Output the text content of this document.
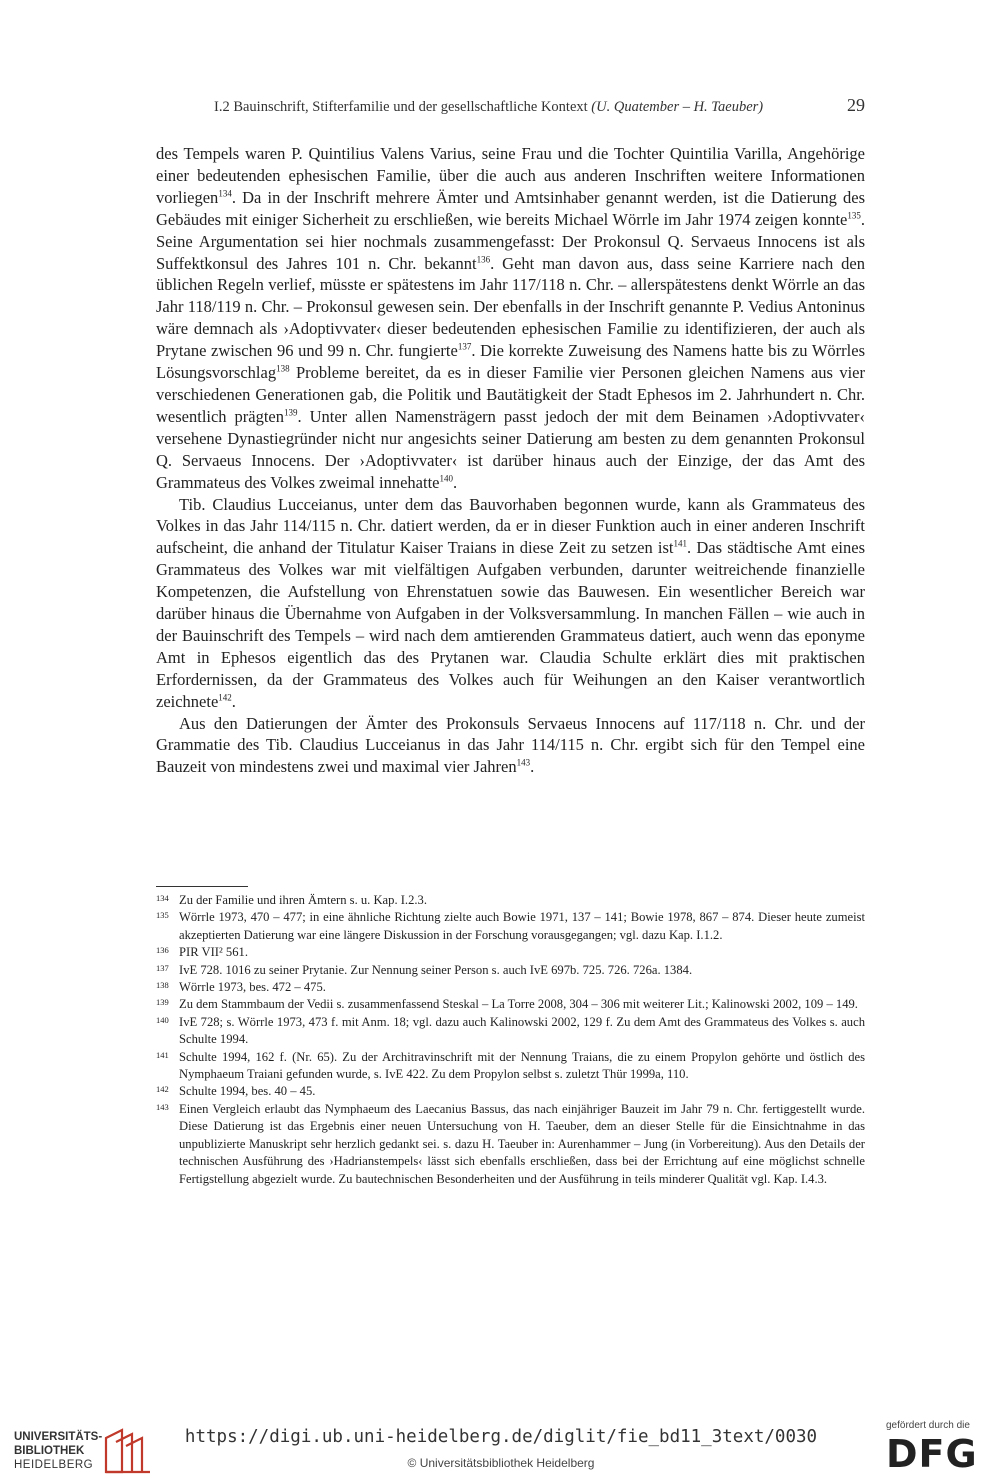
I.2 Bauinschrift, Stifterfamilie und der gesellschaftliche Kontext (U. Quatember – H. Taeuber)	29

des Tempels waren P. Quintilius Valens Varius, seine Frau und die Tochter Quintilia Varilla, Angehörige einer bedeutenden ephesischen Familie, über die auch aus anderen Inschriften weitere Informationen vorliegen$^{134}$. Da in der Inschrift mehrere Ämter und Amtsinhaber genannt werden, ist die Datierung des Gebäudes mit einiger Sicherheit zu erschließen, wie bereits Michael Wörrle im Jahr 1974 zeigen konnte$^{135}$. Seine Argumentation sei hier nochmals zusammengefasst: Der Prokonsul Q. Servaeus Innocens ist als Suffektkonsul des Jahres 101 n. Chr. bekannt$^{136}$. Geht man davon aus, dass seine Karriere nach den üblichen Regeln verlief, müsste er spätestens im Jahr 117/118 n. Chr. – allerspätestens denkt Wörrle an das Jahr 118/119 n. Chr. – Prokonsul gewesen sein. Der ebenfalls in der Inschrift genannte P. Vedius Antoninus wäre demnach als ›Adoptivvater‹ dieser bedeutenden ephesischen Familie zu identifizieren, der auch als Prytane zwischen 96 und 99 n. Chr. fungierte$^{137}$. Die korrekte Zuweisung des Namens hatte bis zu Wörrles Lösungsvorschlag$^{138}$ Probleme bereitet, da es in dieser Familie vier Personen gleichen Namens aus vier verschiedenen Generationen gab, die Politik und Bautätigkeit der Stadt Ephesos im 2. Jahrhundert n. Chr. wesentlich prägten$^{139}$. Unter allen Namensträgern passt jedoch der mit dem Beinamen ›Adoptivvater‹ versehene Dynastiegründer nicht nur angesichts seiner Datierung am besten zu dem genannten Prokonsul Q. Servaeus Innocens. Der ›Adoptivvater‹ ist darüber hinaus auch der Einzige, der das Amt des Grammateus des Volkes zweimal innehatte$^{140}$.

Tib. Claudius Lucceianus, unter dem das Bauvorhaben begonnen wurde, kann als Grammateus des Volkes in das Jahr 114/115 n. Chr. datiert werden, da er in dieser Funktion auch in einer anderen Inschrift aufscheint, die anhand der Titulatur Kaiser Traians in diese Zeit zu setzen ist$^{141}$. Das städtische Amt eines Grammateus des Volkes war mit vielfältigen Aufgaben verbunden, darunter weitreichende finanzielle Kompetenzen, die Aufstellung von Ehrenstatuen sowie das Bauwesen. Ein wesentlicher Bereich war darüber hinaus die Übernahme von Aufgaben in der Volksversammlung. In manchen Fällen – wie auch in der Bauinschrift des Tempels – wird nach dem amtierenden Grammateus datiert, auch wenn das eponyme Amt in Ephesos eigentlich das des Prytanen war. Claudia Schulte erklärt dies mit praktischen Erfordernissen, da der Grammateus des Volkes auch für Weihungen an den Kaiser verantwortlich zeichnete$^{142}$.

Aus den Datierungen der Ämter des Prokonsuls Servaeus Innocens auf 117/118 n. Chr. und der Grammatie des Tib. Claudius Lucceianus in das Jahr 114/115 n. Chr. ergibt sich für den Tempel eine Bauzeit von mindestens zwei und maximal vier Jahren$^{143}$.

134 Zu der Familie und ihren Ämtern s. u. Kap. I.2.3.
135 Wörrle 1973, 470 – 477; in eine ähnliche Richtung zielte auch Bowie 1971, 137 – 141; Bowie 1978, 867 – 874. Dieser heute zumeist akzeptierten Datierung war eine längere Diskussion in der Forschung vorausgegangen; vgl. dazu Kap. I.1.2.
136 PIR VII² 561.
137 IvE 728. 1016 zu seiner Prytanie. Zur Nennung seiner Person s. auch IvE 697b. 725. 726. 726a. 1384.
138 Wörrle 1973, bes. 472 – 475.
139 Zu dem Stammbaum der Vedii s. zusammenfassend Steskal – La Torre 2008, 304 – 306 mit weiterer Lit.; Kalinowski 2002, 109 – 149.
140 IvE 728; s. Wörrle 1973, 473 f. mit Anm. 18; vgl. dazu auch Kalinowski 2002, 129 f. Zu dem Amt des Grammateus des Volkes s. auch Schulte 1994.
141 Schulte 1994, 162 f. (Nr. 65). Zu der Architravinschrift mit der Nennung Traians, die zu einem Propylon gehörte und östlich des Nymphaeum Traiani gefunden wurde, s. IvE 422. Zu dem Propylon selbst s. zuletzt Thür 1999a, 110.
142 Schulte 1994, bes. 40 – 45.
143 Einen Vergleich erlaubt das Nymphaeum des Laecanius Bassus, das nach einjähriger Bauzeit im Jahr 79 n. Chr. fertiggestellt wurde. Diese Datierung ist das Ergebnis einer neuen Untersuchung von H. Taeuber, dem an dieser Stelle für die Einsichtnahme in das unpublizierte Manuskript sehr herzlich gedankt sei. s. dazu H. Taeuber in: Aurenhammer – Jung (in Vorbereitung). Aus den Details der technischen Ausführung des ›Hadrianstempels‹ lässt sich ebenfalls erschließen, dass bei der Errichtung auf eine möglichst schnelle Fertigstellung abgezielt wurde. Zu bautechnischen Besonderheiten und der Ausführung in teils minderer Qualität vgl. Kap. I.4.3.
UNIVERSITÄTS-
BIBLIOTHEK
HEIDELBERG
https://digi.ub.uni-heidelberg.de/diglit/fie_bd11_3text/0030
© Universitätsbibliothek Heidelberg
gefördert durch die
DFG
